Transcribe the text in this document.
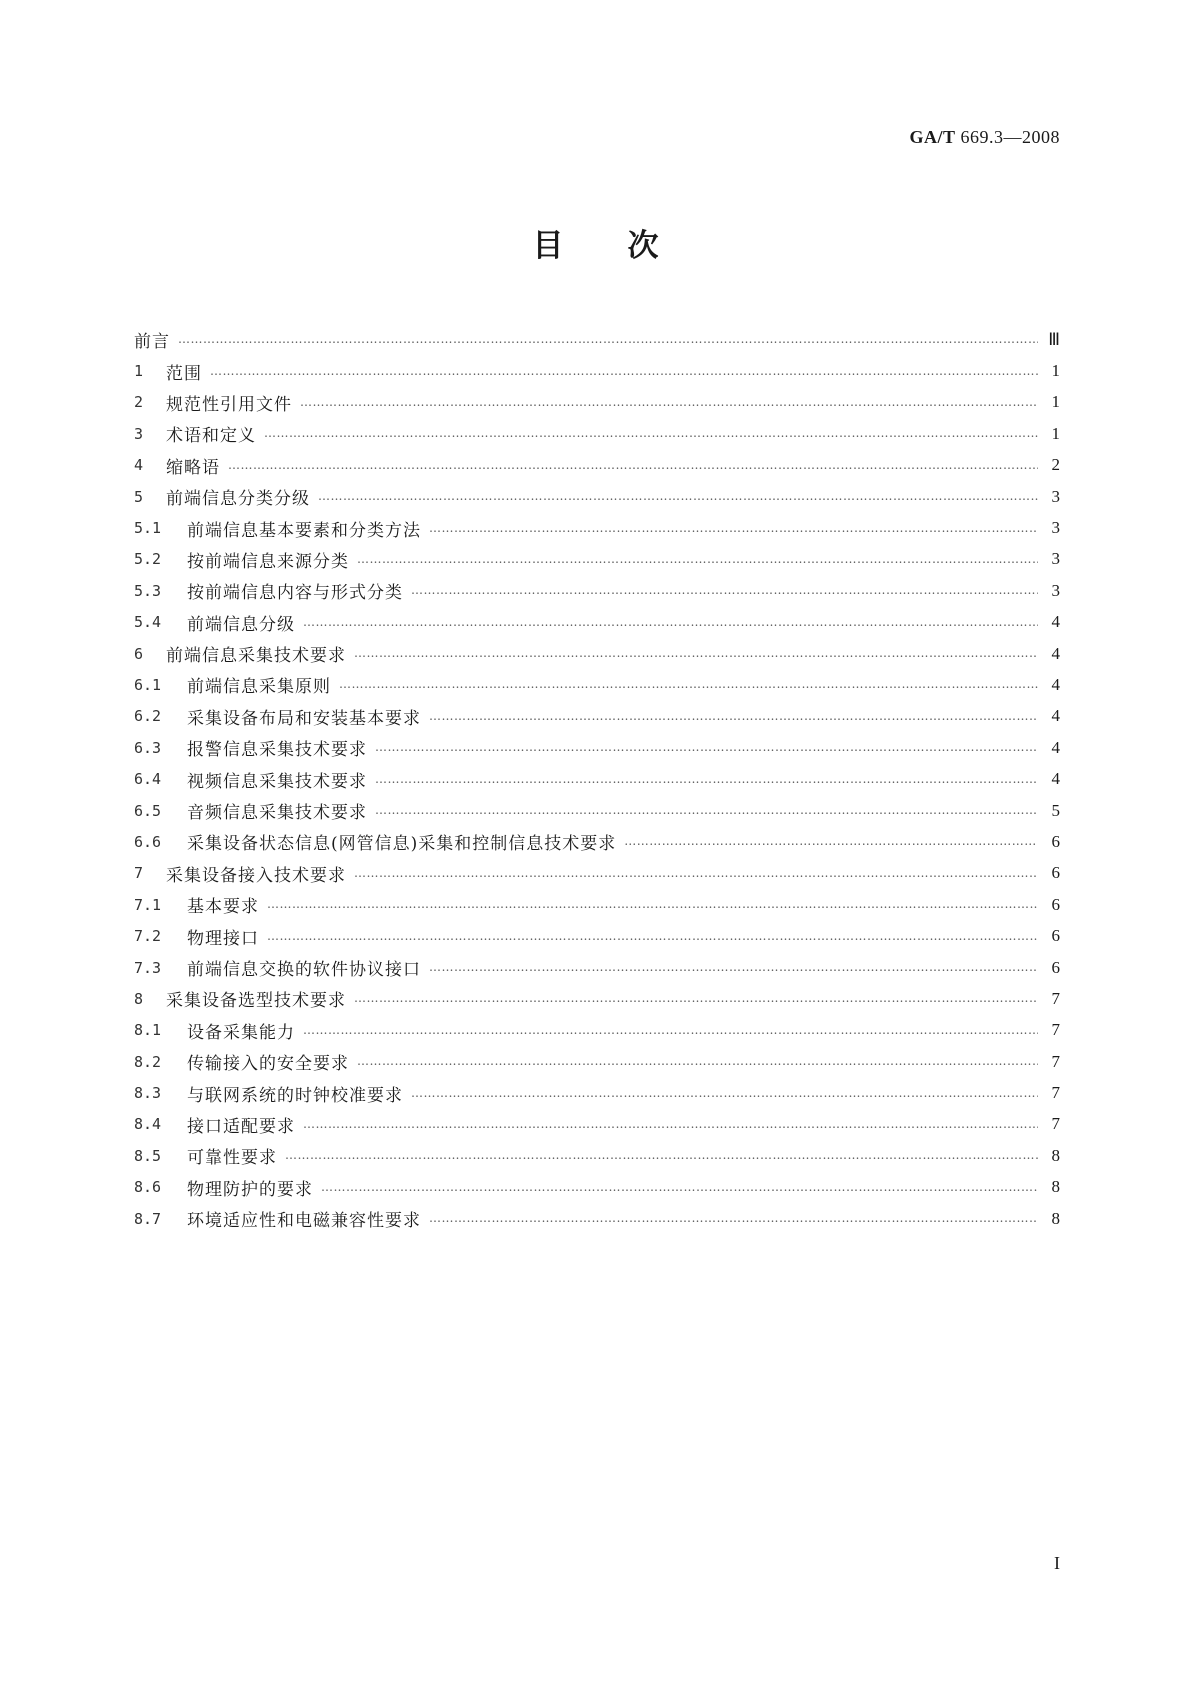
GA/T 669.3—2008
目次
前言 ……………………………………………………………………………………………………………………………………………………………………………………………………………………	Ⅲ
1	范围 ……………………………………………………………………………………………………………………………………………………………………………………………………………………	1
2	规范性引用文件 ……………………………………………………………………………………………………………………………………………………………………………………………………………………	1
3	术语和定义 ……………………………………………………………………………………………………………………………………………………………………………………………………………………	1
4	缩略语 ……………………………………………………………………………………………………………………………………………………………………………………………………………………	2
5	前端信息分类分级 ……………………………………………………………………………………………………………………………………………………………………………………………………………………	3
5.1	前端信息基本要素和分类方法 ……………………………………………………………………………………………………………………………………………………………………………………………………………………	3
5.2	按前端信息来源分类 ……………………………………………………………………………………………………………………………………………………………………………………………………………………	3
5.3	按前端信息内容与形式分类 ……………………………………………………………………………………………………………………………………………………………………………………………………………………	3
5.4	前端信息分级 ……………………………………………………………………………………………………………………………………………………………………………………………………………………	4
6	前端信息采集技术要求 ……………………………………………………………………………………………………………………………………………………………………………………………………………………	4
6.1	前端信息采集原则 ……………………………………………………………………………………………………………………………………………………………………………………………………………………	4
6.2	采集设备布局和安装基本要求 ……………………………………………………………………………………………………………………………………………………………………………………………………………………	4
6.3	报警信息采集技术要求 ……………………………………………………………………………………………………………………………………………………………………………………………………………………	4
6.4	视频信息采集技术要求 ……………………………………………………………………………………………………………………………………………………………………………………………………………………	4
6.5	音频信息采集技术要求 ……………………………………………………………………………………………………………………………………………………………………………………………………………………	5
6.6	采集设备状态信息(网管信息)采集和控制信息技术要求 ……………………………………………………………………………………………………………………………………………………………………………………………………………………	6
7	采集设备接入技术要求 ……………………………………………………………………………………………………………………………………………………………………………………………………………………	6
7.1	基本要求 ……………………………………………………………………………………………………………………………………………………………………………………………………………………	6
7.2	物理接口 ……………………………………………………………………………………………………………………………………………………………………………………………………………………	6
7.3	前端信息交换的软件协议接口 ……………………………………………………………………………………………………………………………………………………………………………………………………………………	6
8	采集设备选型技术要求 ……………………………………………………………………………………………………………………………………………………………………………………………………………………	7
8.1	设备采集能力 ……………………………………………………………………………………………………………………………………………………………………………………………………………………	7
8.2	传输接入的安全要求 ……………………………………………………………………………………………………………………………………………………………………………………………………………………	7
8.3	与联网系统的时钟校准要求 ……………………………………………………………………………………………………………………………………………………………………………………………………………………	7
8.4	接口适配要求 ……………………………………………………………………………………………………………………………………………………………………………………………………………………	7
8.5	可靠性要求 ……………………………………………………………………………………………………………………………………………………………………………………………………………………	8
8.6	物理防护的要求 ……………………………………………………………………………………………………………………………………………………………………………………………………………………	8
8.7	环境适应性和电磁兼容性要求 ……………………………………………………………………………………………………………………………………………………………………………………………………………………	8
I
